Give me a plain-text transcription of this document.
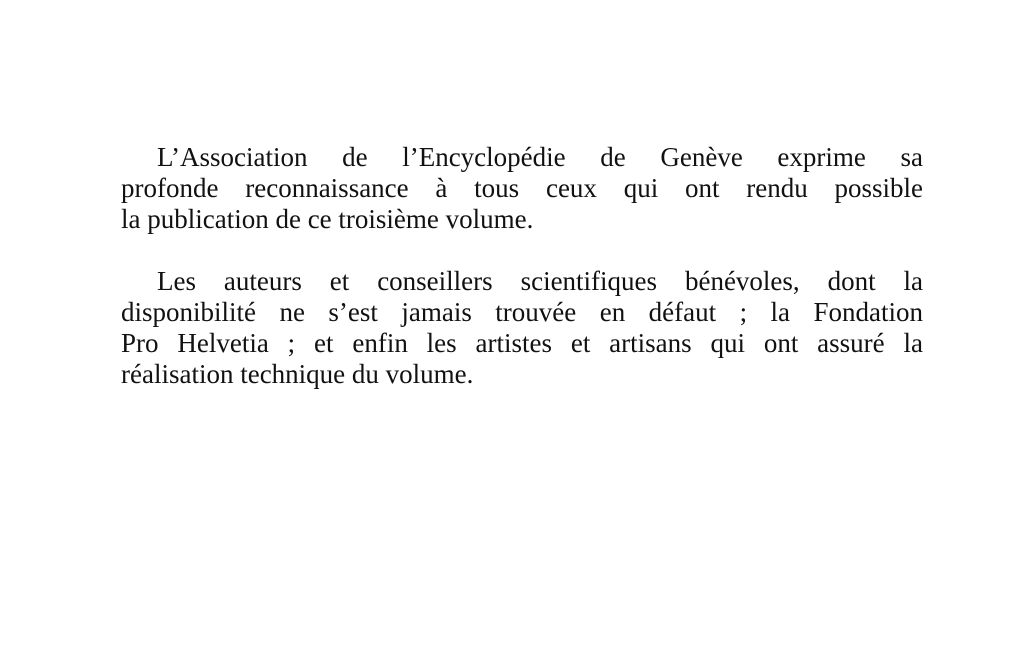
L’Association de l’Encyclopédie de Genève exprime sa
profonde reconnaissance à tous ceux qui ont rendu possible
la publication de ce troisième volume.

Les auteurs et conseillers scientifiques bénévoles, dont la
disponibilité ne s’est jamais trouvée en défaut ; la Fondation
Pro Helvetia ; et enfin les artistes et artisans qui ont assuré la
réalisation technique du volume.
